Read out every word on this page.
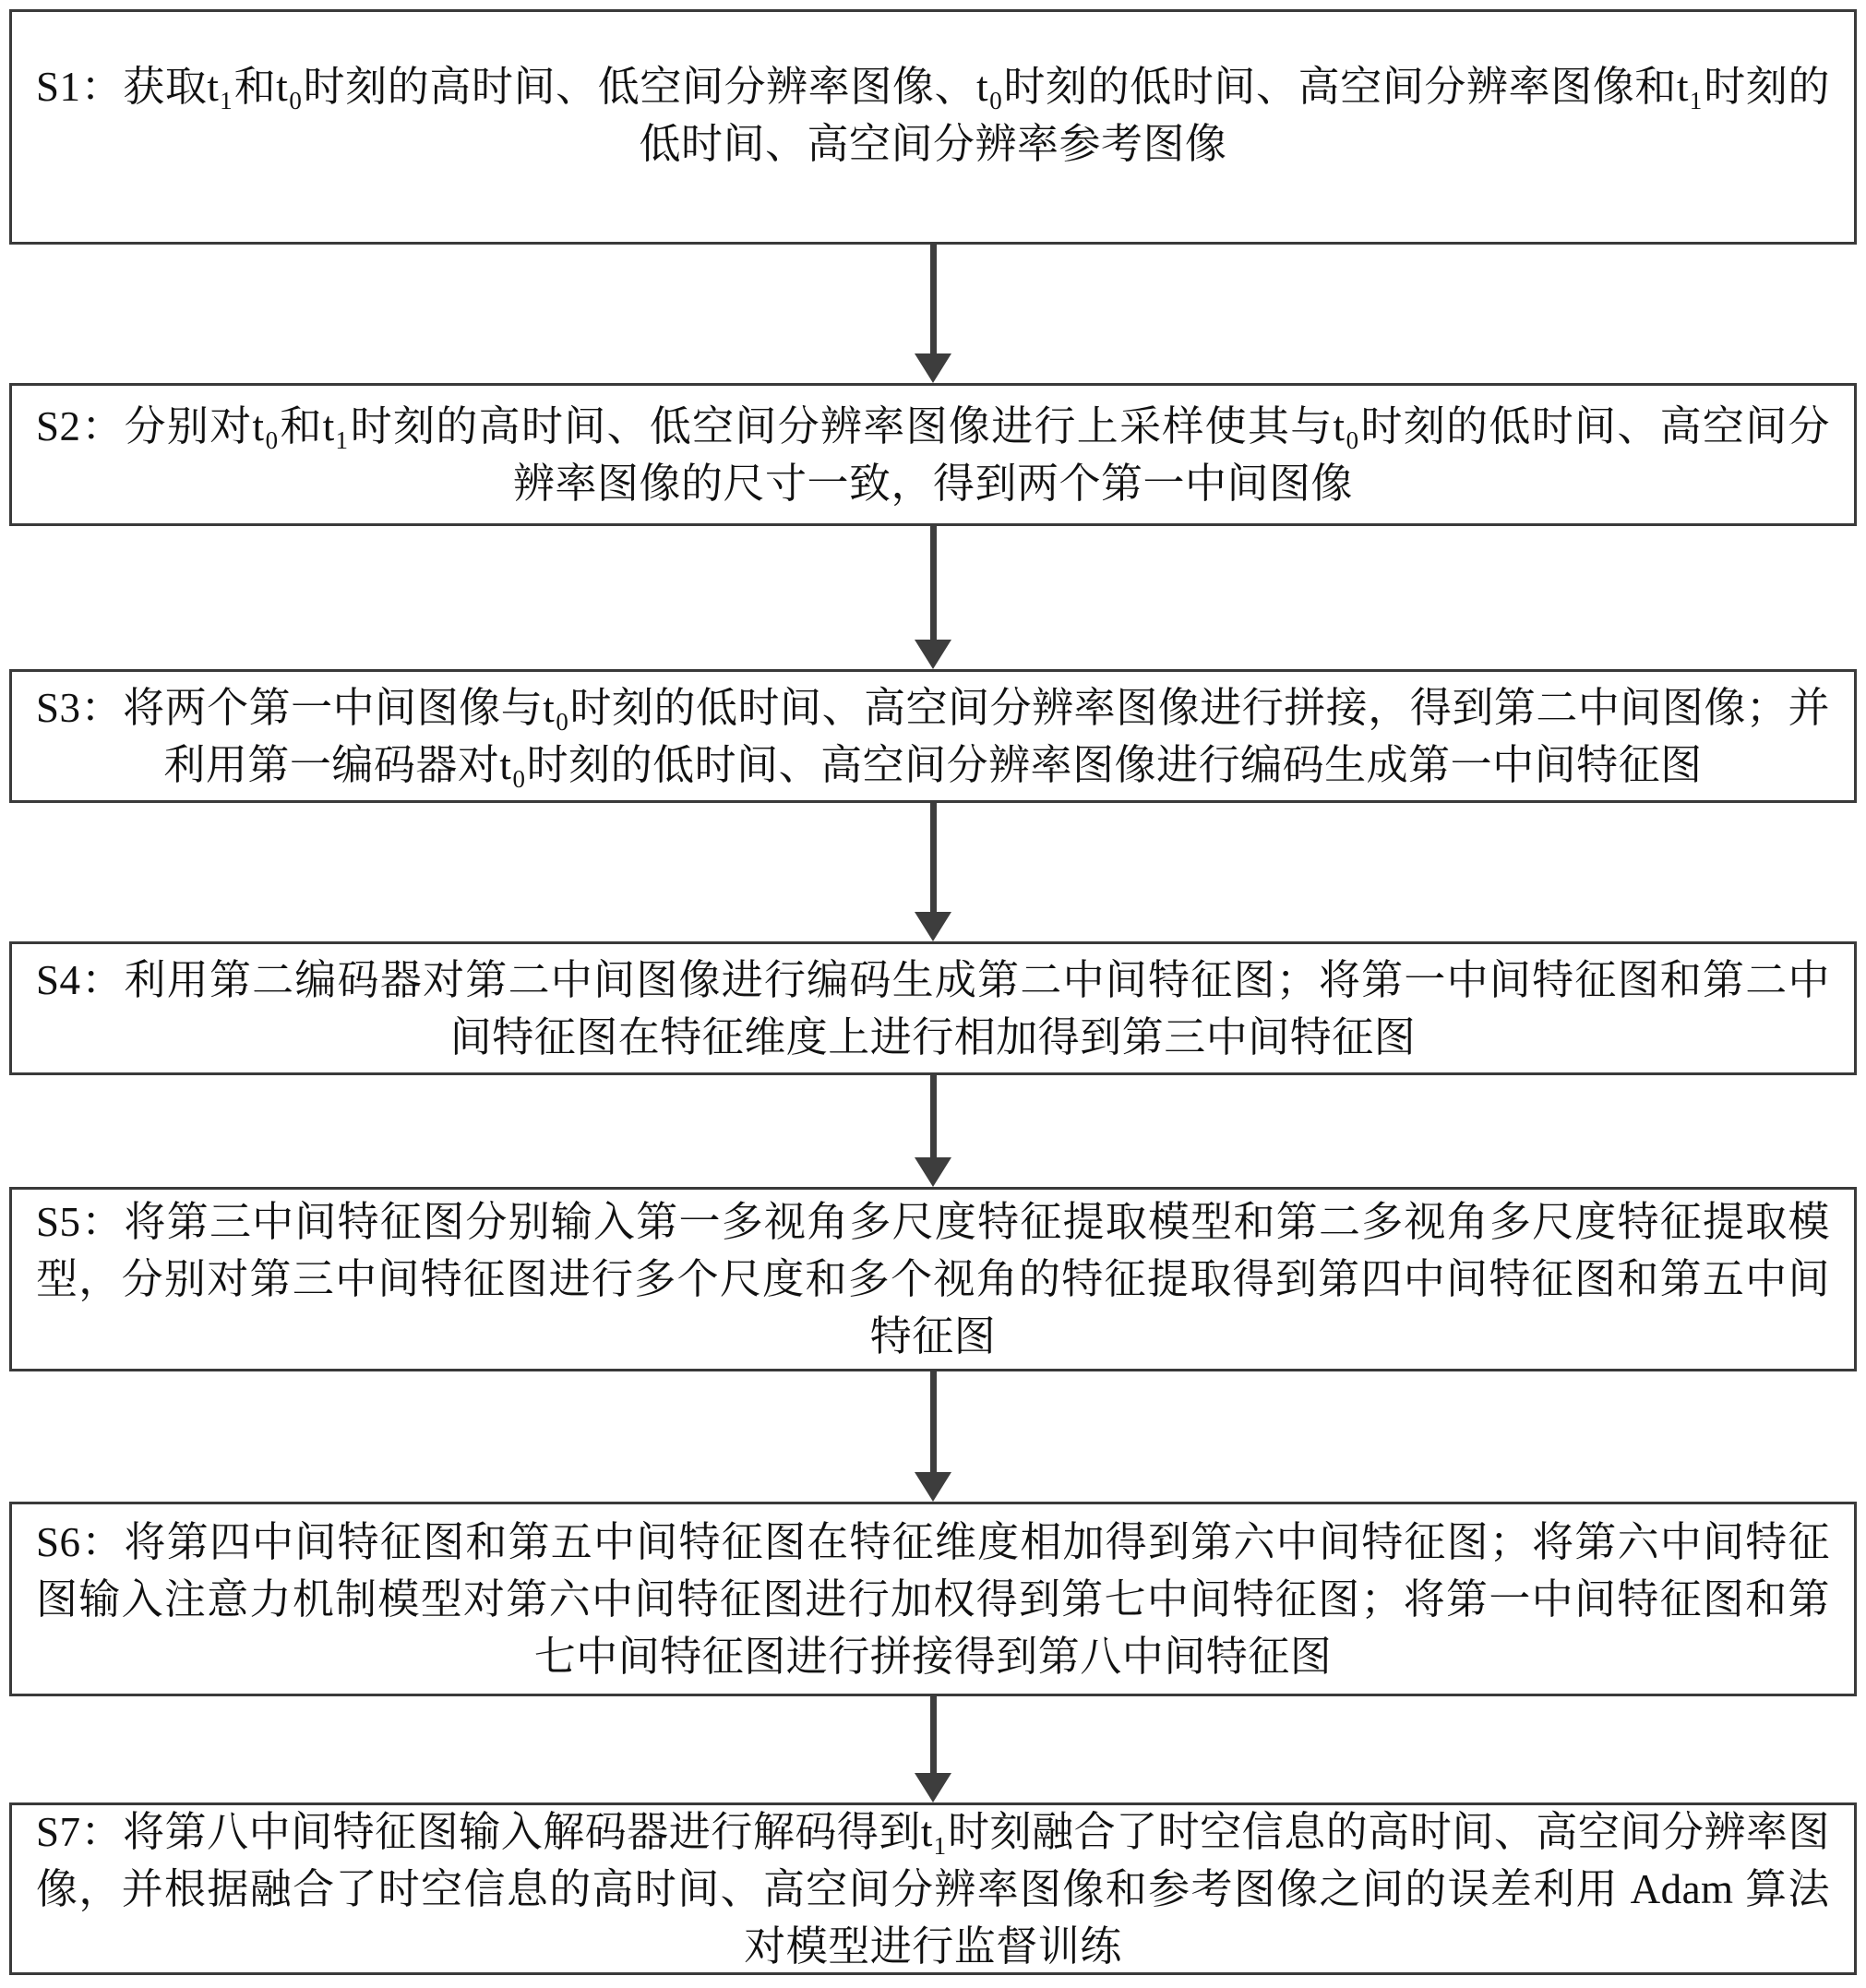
S1：获取t₁和t₀时刻的高时间、低空间分辨率图像、t₀时刻的低时间、高空间分辨率图像和t₁时刻的低时间、高空间分辨率参考图像

S2：分别对t₀和t₁时刻的高时间、低空间分辨率图像进行上采样使其与t₀时刻的低时间、高空间分辨率图像的尺寸一致，得到两个第一中间图像

S3：将两个第一中间图像与t₀时刻的低时间、高空间分辨率图像进行拼接，得到第二中间图像；并利用第一编码器对t₀时刻的低时间、高空间分辨率图像进行编码生成第一中间特征图

S4：利用第二编码器对第二中间图像进行编码生成第二中间特征图；将第一中间特征图和第二中间特征图在特征维度上进行相加得到第三中间特征图

S5：将第三中间特征图分别输入第一多视角多尺度特征提取模型和第二多视角多尺度特征提取模型，分别对第三中间特征图进行多个尺度和多个视角的特征提取得到第四中间特征图和第五中间特征图

S6：将第四中间特征图和第五中间特征图在特征维度相加得到第六中间特征图；将第六中间特征图输入注意力机制模型对第六中间特征图进行加权得到第七中间特征图；将第一中间特征图和第七中间特征图进行拼接得到第八中间特征图

S7：将第八中间特征图输入解码器进行解码得到t₁时刻融合了时空信息的高时间、高空间分辨率图像，并根据融合了时空信息的高时间、高空间分辨率图像和参考图像之间的误差利用 Adam 算法对模型进行监督训练
